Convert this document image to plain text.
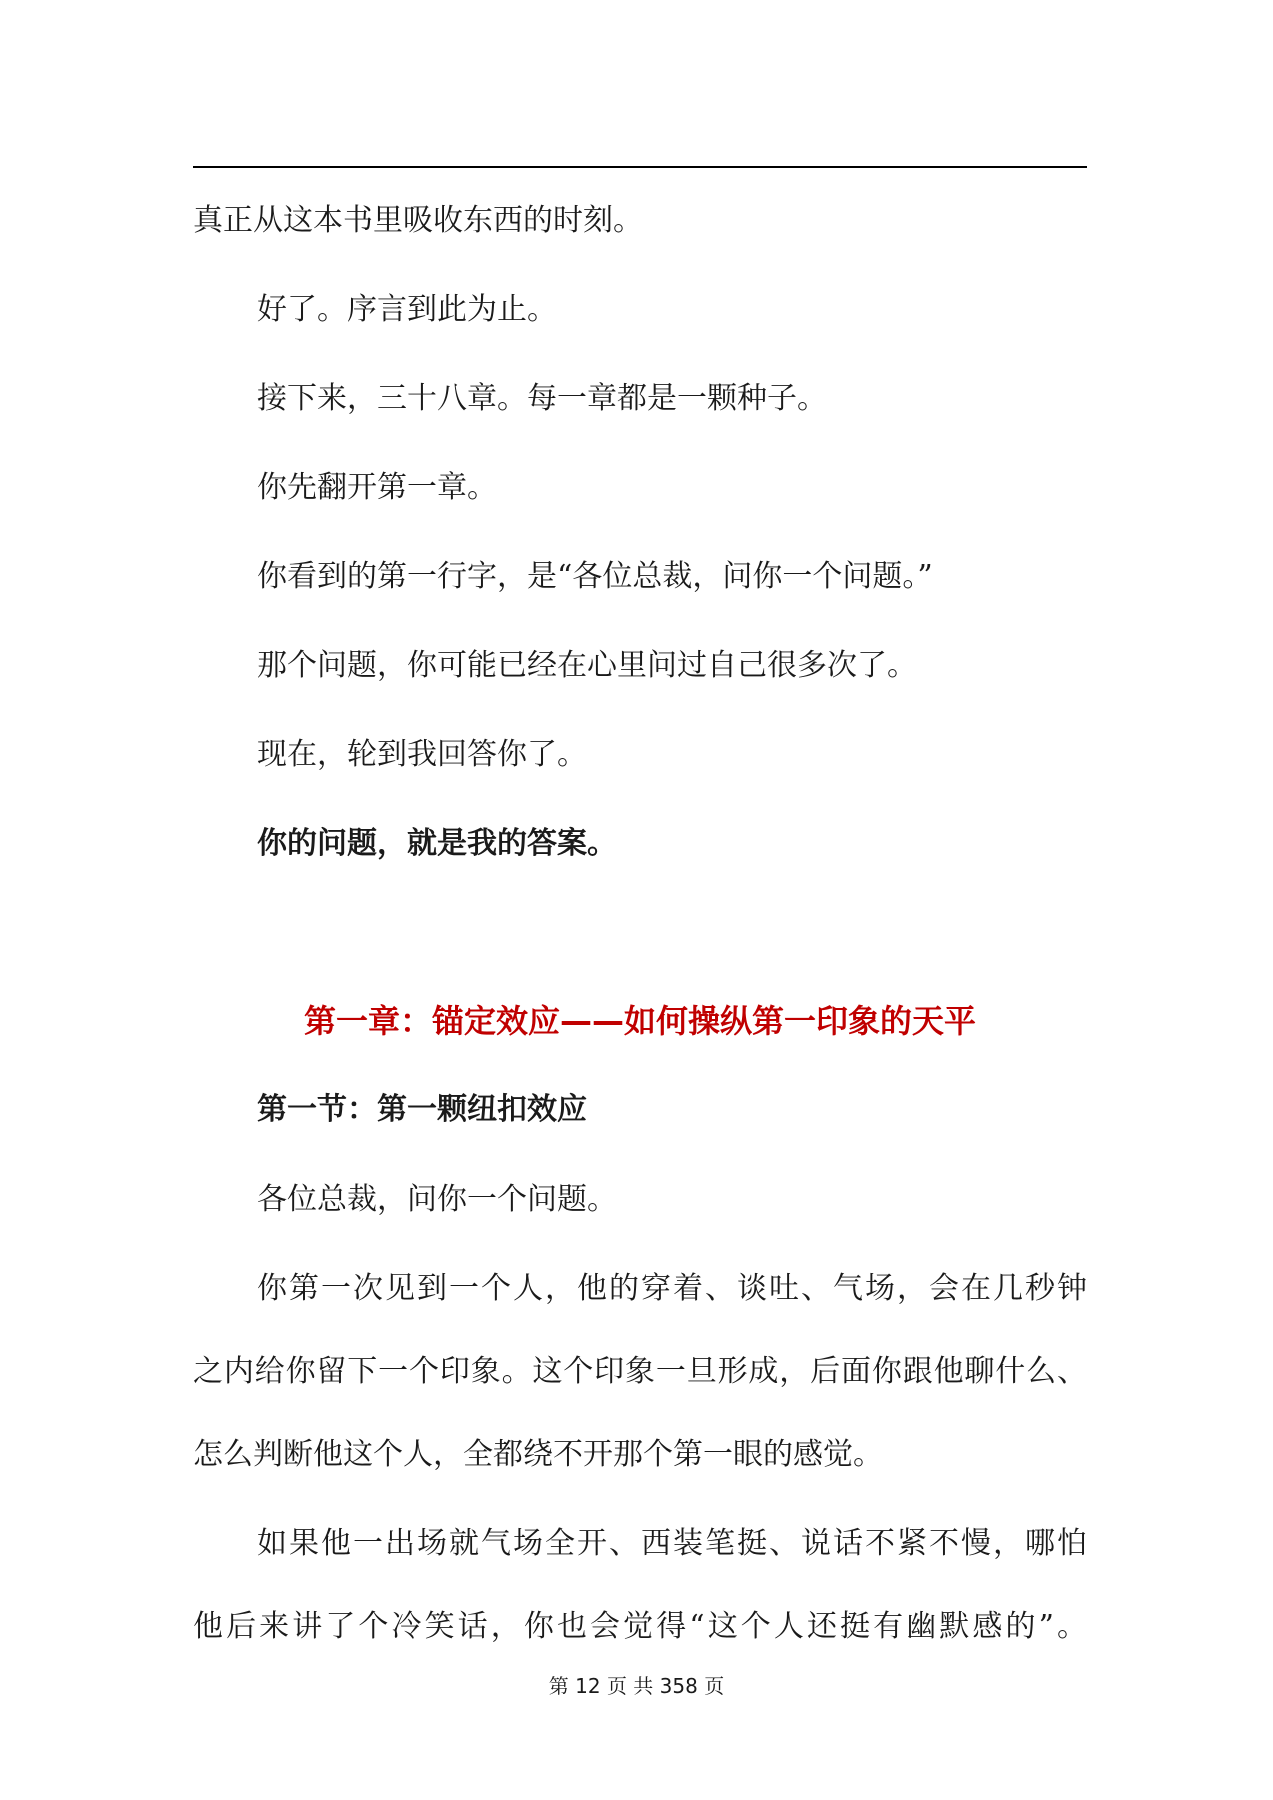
真正从这本书里吸收东西的时刻。
好了。序言到此为止。
接下来，三十八章。每一章都是一颗种子。
你先翻开第一章。
你看到的第一行字，是“各位总裁，问你一个问题。”
那个问题，你可能已经在心里问过自己很多次了。
现在，轮到我回答你了。
你的问题，就是我的答案。
第一章：锚定效应——如何操纵第一印象的天平
第一节：第一颗纽扣效应
各位总裁，问你一个问题。
你第一次见到一个人，他的穿着、谈吐、气场，会在几秒钟
之内给你留下一个印象。这个印象一旦形成，后面你跟他聊什么、
怎么判断他这个人，全都绕不开那个第一眼的感觉。
如果他一出场就气场全开、西装笔挺、说话不紧不慢，哪怕
他后来讲了个冷笑话，你也会觉得“这个人还挺有幽默感的”。
第 12 页 共 358 页
